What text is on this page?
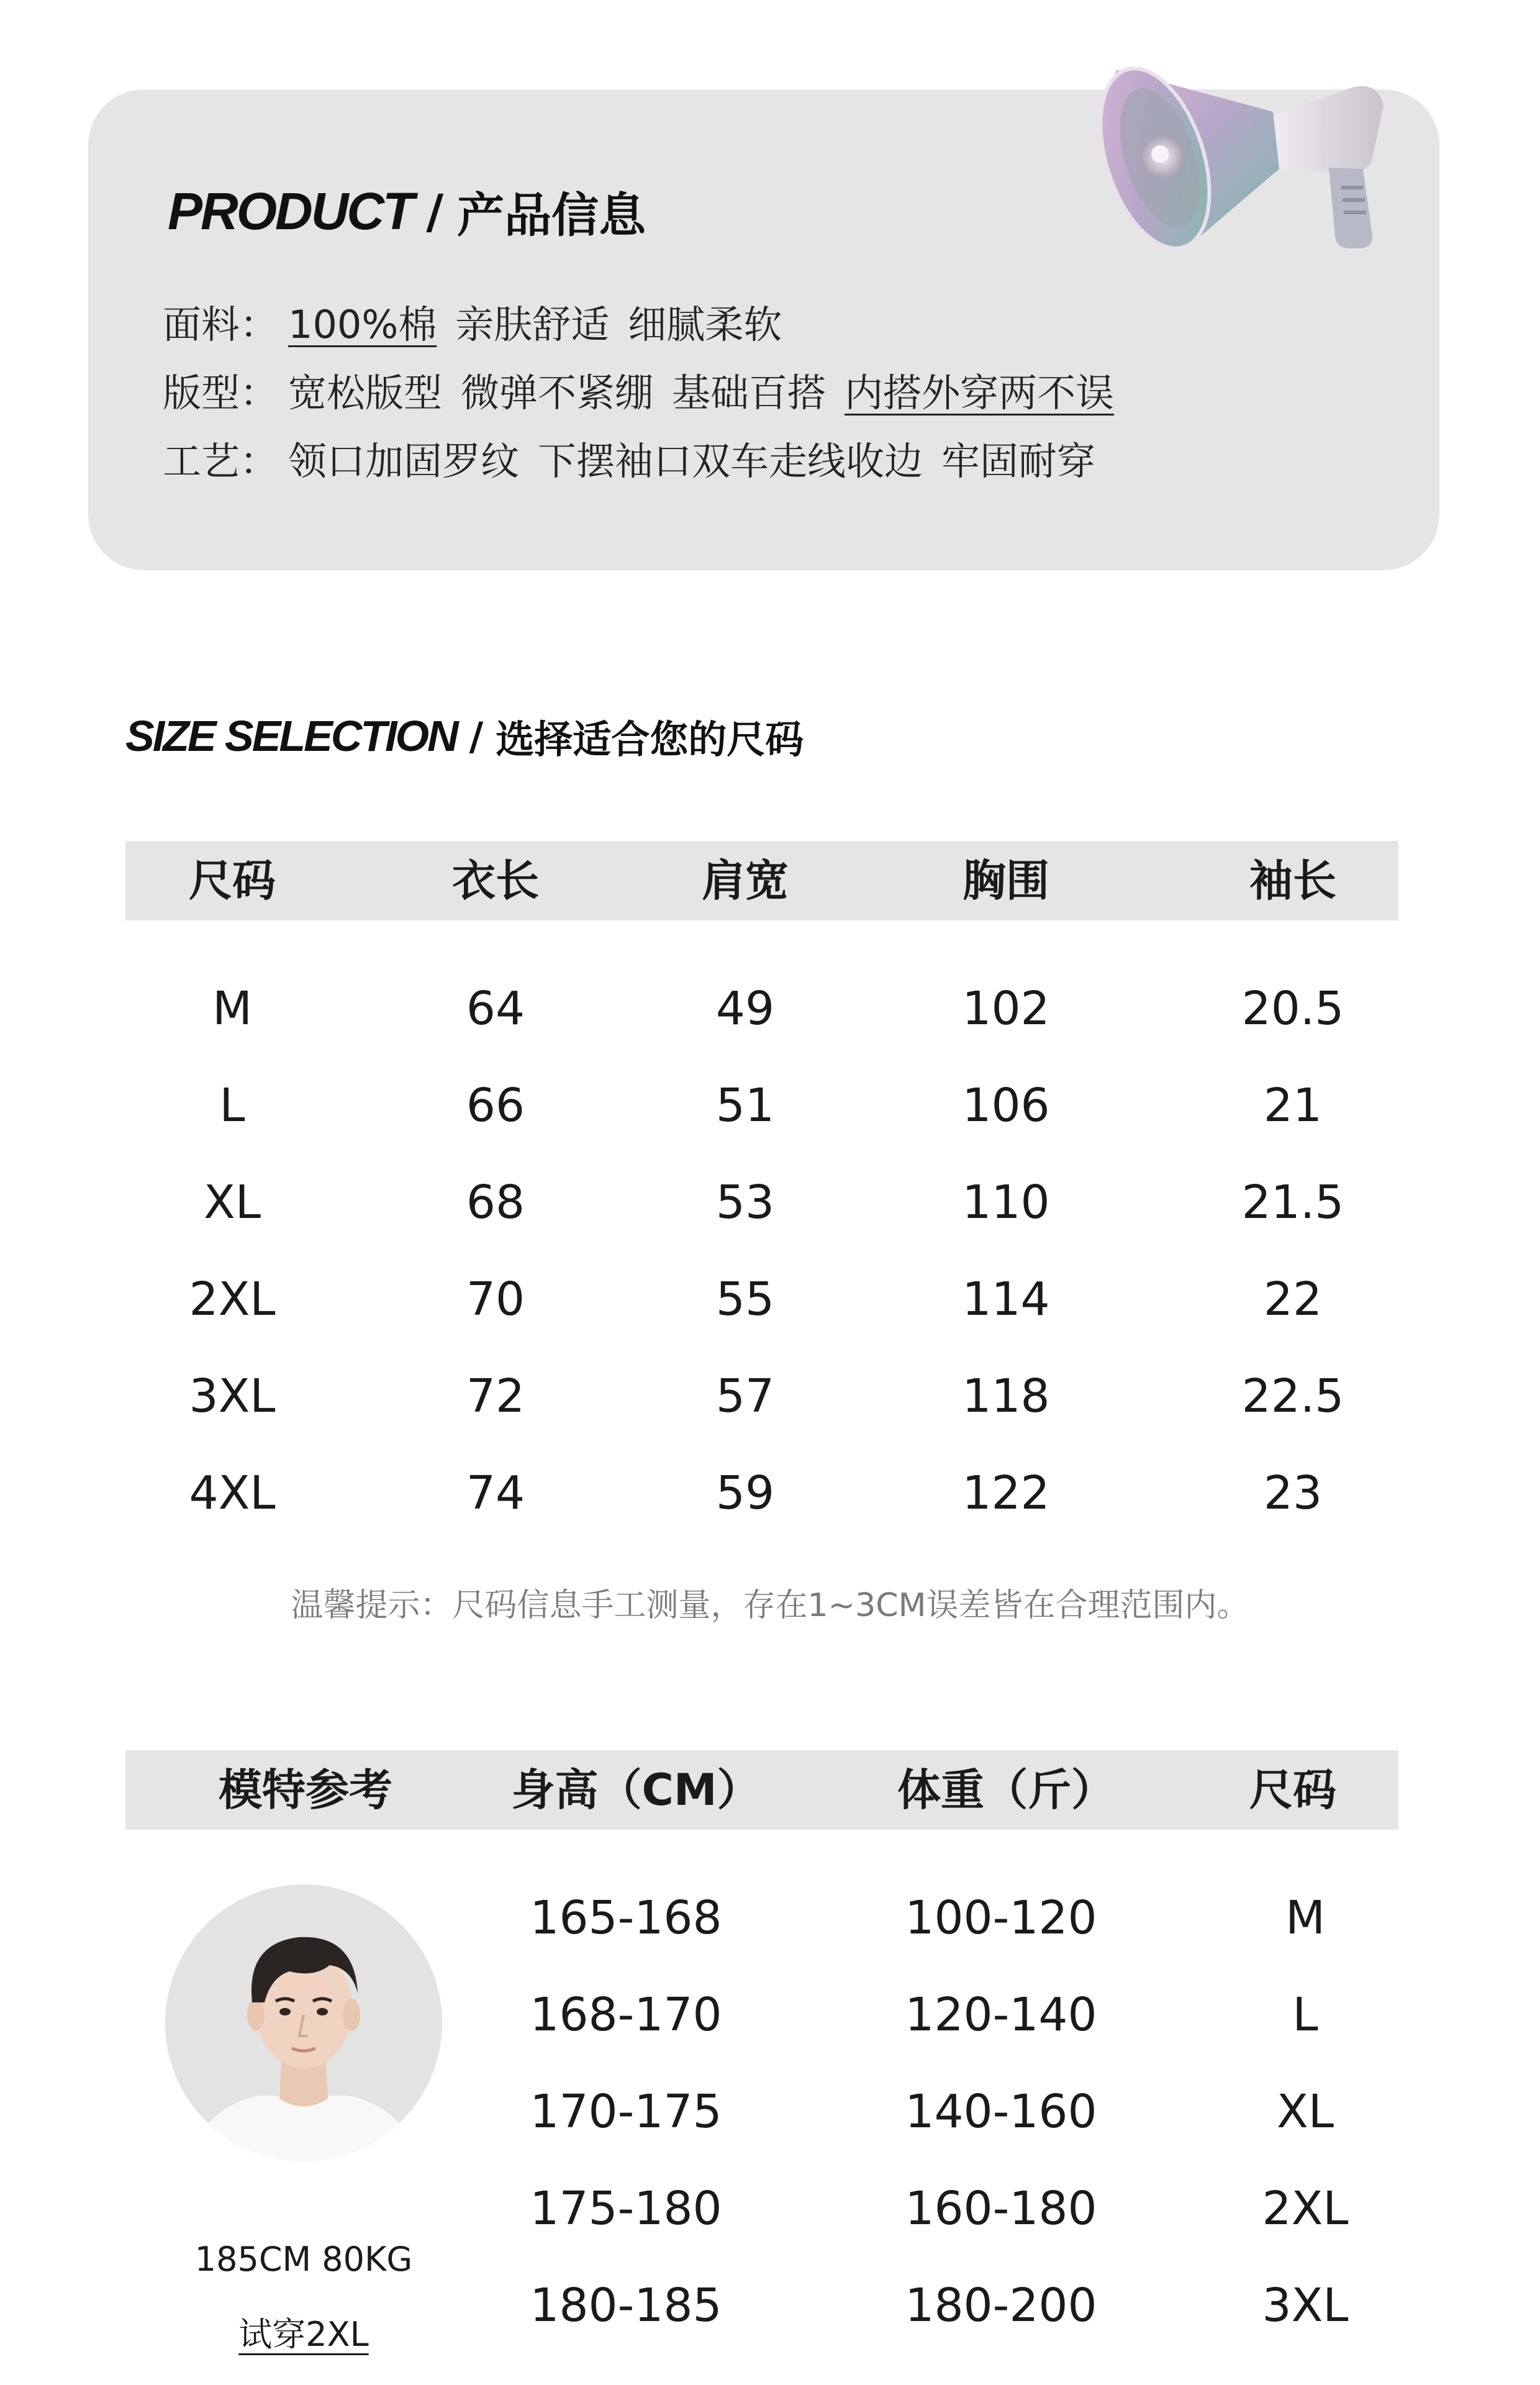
PRODUCT / 产品信息
面料： 100%棉 亲肤舒适 细腻柔软
版型： 宽松版型 微弹不紧绷 基础百搭 内搭外穿两不误
工艺： 领口加固罗纹 下摆袖口双车走线收边 牢固耐穿
SIZE SELECTION / 选择适合您的尺码
尺码	衣长	肩宽	胸围	袖长
M	64	49	102	20.5
L	66	51	106	21
XL	68	53	110	21.5
2XL	70	55	114	22
3XL	72	57	118	22.5
4XL	74	59	122	23
温馨提示：尺码信息手工测量，存在1~3CM误差皆在合理范围内。
模特参考	身高（CM）	体重（斤）	尺码
185CM 80KG
试穿2XL
165-168	100-120	M
168-170	120-140	L
170-175	140-160	XL
175-180	160-180	2XL
180-185	180-200	3XL
